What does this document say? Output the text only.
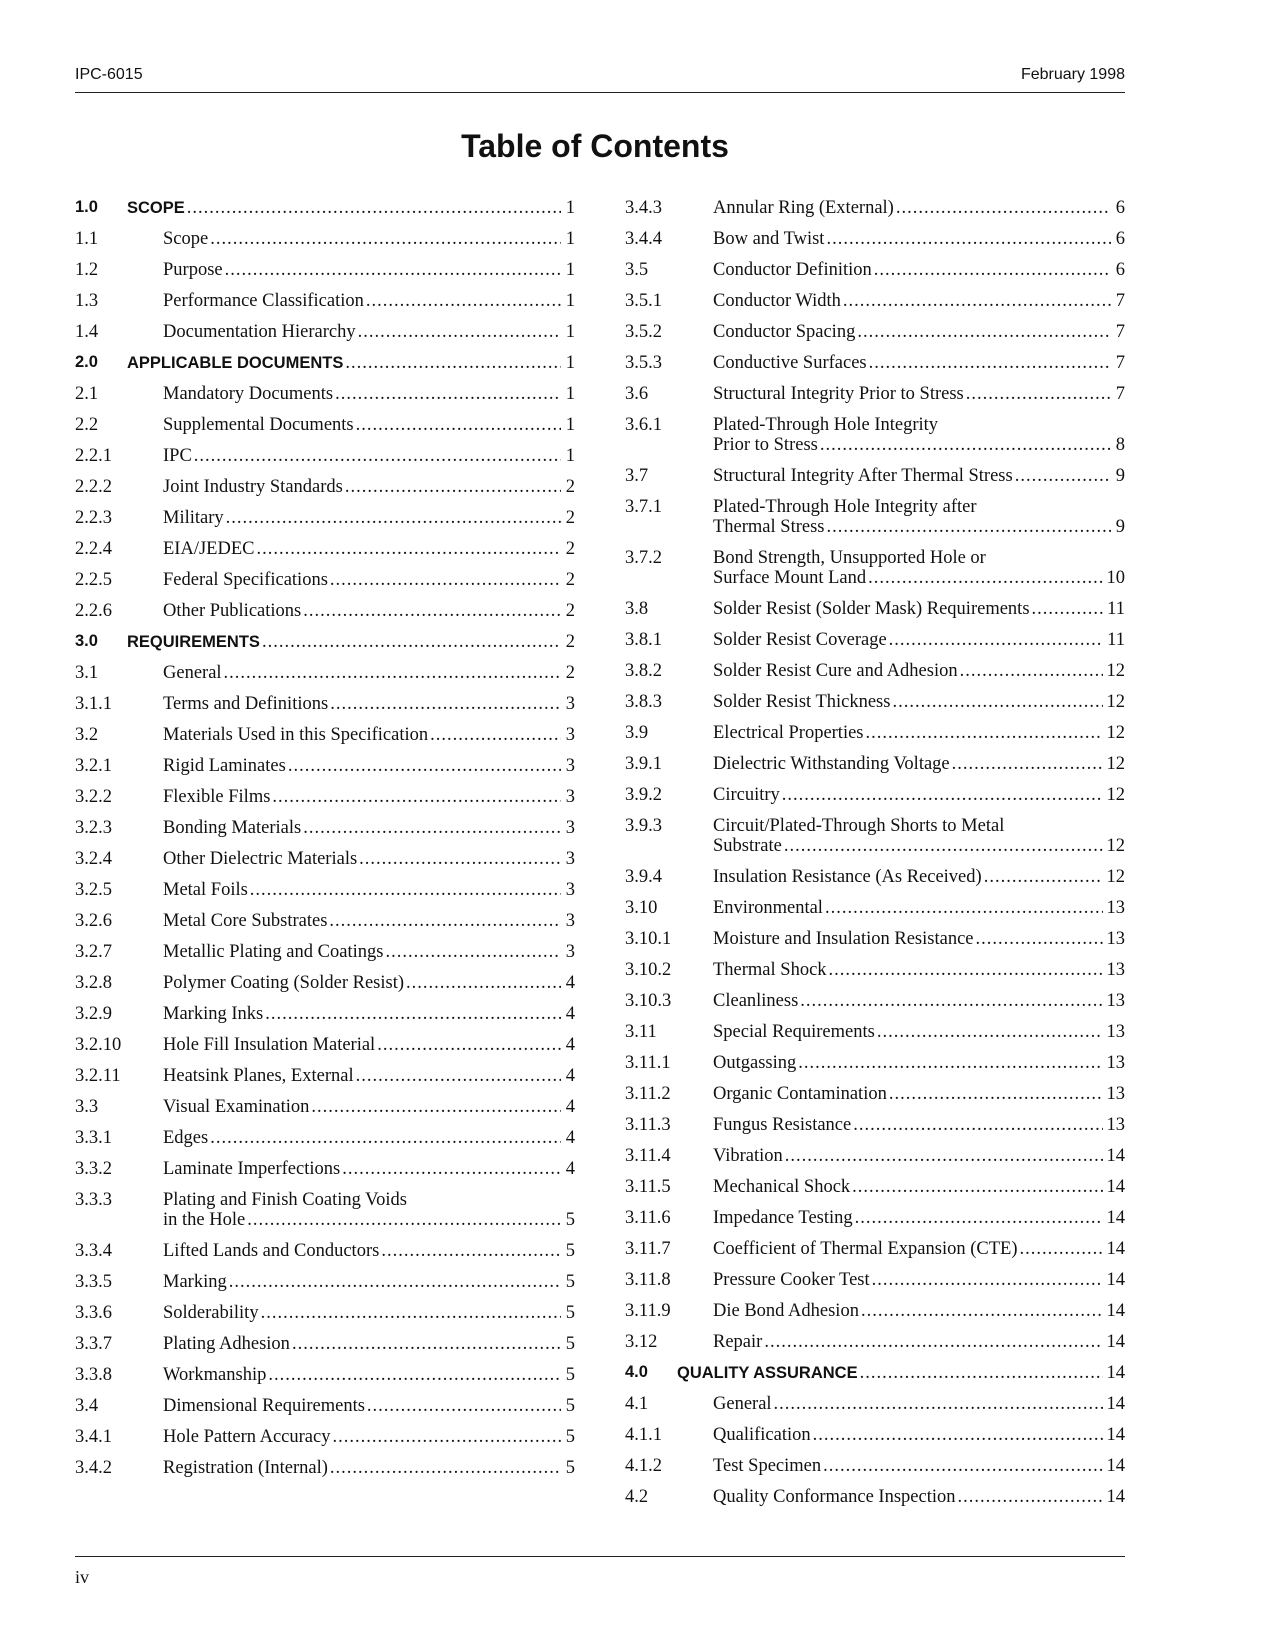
IPC-6015	February 1998
Table of Contents
1.0 SCOPE .....	1
1.1	Scope .....	1
1.2	Purpose .....	1
1.3	Performance Classification .....	1
1.4	Documentation Hierarchy .....	1
2.0 APPLICABLE DOCUMENTS .....	1
2.1	Mandatory Documents .....	1
2.2	Supplemental Documents .....	1
2.2.1	IPC .....	1
2.2.2	Joint Industry Standards .....	2
2.2.3	Military .....	2
2.2.4	EIA/JEDEC .....	2
2.2.5	Federal Specifications .....	2
2.2.6	Other Publications .....	2
3.0 REQUIREMENTS .....	2
3.1	General .....	2
3.1.1	Terms and Definitions .....	3
3.2	Materials Used in this Specification .....	3
3.2.1	Rigid Laminates .....	3
3.2.2	Flexible Films .....	3
3.2.3	Bonding Materials .....	3
3.2.4	Other Dielectric Materials .....	3
3.2.5	Metal Foils .....	3
3.2.6	Metal Core Substrates .....	3
3.2.7	Metallic Plating and Coatings .....	3
3.2.8	Polymer Coating (Solder Resist) .....	4
3.2.9	Marking Inks .....	4
3.2.10 Hole Fill Insulation Material .....	4
3.2.11 Heatsink Planes, External .....	4
3.3	Visual Examination .....	4
3.3.1	Edges .....	4
3.3.2	Laminate Imperfections .....	4
3.3.3	Plating and Finish Coating Voids
in the Hole .....	5
3.3.4	Lifted Lands and Conductors .....	5
3.3.5	Marking .....	5
3.3.6	Solderability .....	5
3.3.7	Plating Adhesion .....	5
3.3.8	Workmanship .....	5
3.4	Dimensional Requirements .....	5
3.4.1	Hole Pattern Accuracy .....	5
3.4.2	Registration (Internal) .....	5
3.4.3	Annular Ring (External) .....	6
3.4.4	Bow and Twist .....	6
3.5	Conductor Definition .....	6
3.5.1	Conductor Width .....	7
3.5.2	Conductor Spacing .....	7
3.5.3	Conductive Surfaces .....	7
3.6	Structural Integrity Prior to Stress .....	7
3.6.1	Plated-Through Hole Integrity
Prior to Stress .....	8
3.7	Structural Integrity After Thermal Stress .....	9
3.7.1	Plated-Through Hole Integrity after
Thermal Stress .....	9
3.7.2	Bond Strength, Unsupported Hole or
Surface Mount Land .....	10
3.8	Solder Resist (Solder Mask) Requirements .....	11
3.8.1	Solder Resist Coverage .....	11
3.8.2	Solder Resist Cure and Adhesion .....	12
3.8.3	Solder Resist Thickness .....	12
3.9	Electrical Properties .....	12
3.9.1	Dielectric Withstanding Voltage .....	12
3.9.2	Circuitry .....	12
3.9.3	Circuit/Plated-Through Shorts to Metal
Substrate .....	12
3.9.4	Insulation Resistance (As Received) .....	12
3.10	Environmental .....	13
3.10.1 Moisture and Insulation Resistance .....	13
3.10.2 Thermal Shock .....	13
3.10.3 Cleanliness .....	13
3.11	Special Requirements .....	13
3.11.1 Outgassing .....	13
3.11.2 Organic Contamination .....	13
3.11.3 Fungus Resistance .....	13
3.11.4 Vibration .....	14
3.11.5 Mechanical Shock .....	14
3.11.6 Impedance Testing .....	14
3.11.7 Coefficient of Thermal Expansion (CTE) .....	14
3.11.8 Pressure Cooker Test .....	14
3.11.9 Die Bond Adhesion .....	14
3.12	Repair .....	14
4.0 QUALITY ASSURANCE .....	14
4.1	General .....	14
4.1.1	Qualification .....	14
4.1.2	Test Specimen .....	14
4.2	Quality Conformance Inspection .....	14
iv
